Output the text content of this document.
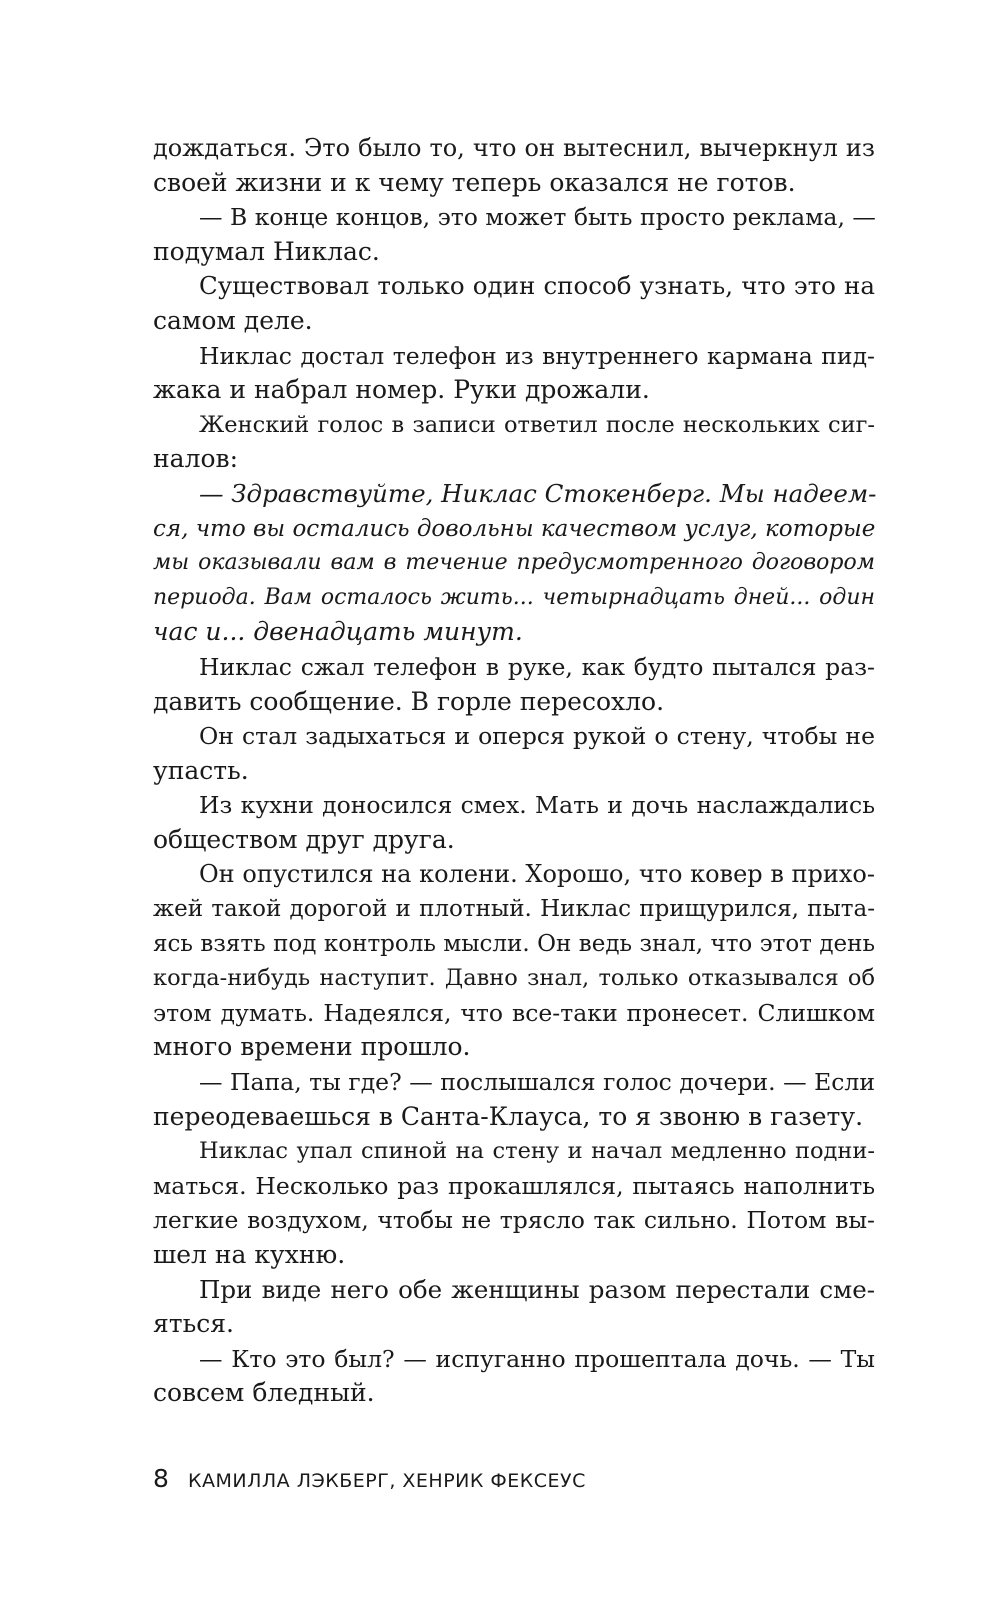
дождаться. Это было то, что он вытеснил, вычеркнул из
своей жизни и к чему теперь оказался не готов.
— В конце концов, это может быть просто реклама, —
подумал Никлас.
Существовал только один способ узнать, что это на
самом деле.
Никлас достал телефон из внутреннего кармана пид-
жака и набрал номер. Руки дрожали.
Женский голос в записи ответил после нескольких сиг-
налов:
— Здравствуйте, Никлас Стокенберг. Мы надеем-
ся, что вы остались довольны качеством услуг, которые
мы оказывали вам в течение предусмотренного договором
периода. Вам осталось жить... четырнадцать дней... один
час и... двенадцать минут.
Никлас сжал телефон в руке, как будто пытался раз-
давить сообщение. В горле пересохло.
Он стал задыхаться и оперся рукой о стену, чтобы не
упасть.
Из кухни доносился смех. Мать и дочь наслаждались
обществом друг друга.
Он опустился на колени. Хорошо, что ковер в прихо-
жей такой дорогой и плотный. Никлас прищурился, пыта-
ясь взять под контроль мысли. Он ведь знал, что этот день
когда-нибудь наступит. Давно знал, только отказывался об
этом думать. Надеялся, что все-таки пронесет. Слишком
много времени прошло.
— Папа, ты где? — послышался голос дочери. — Если
переодеваешься в Санта-Клауса, то я звоню в газету.
Никлас упал спиной на стену и начал медленно подни-
маться. Несколько раз прокашлялся, пытаясь наполнить
легкие воздухом, чтобы не трясло так сильно. Потом вы-
шел на кухню.
При виде него обе женщины разом перестали сме-
яться.
— Кто это был? — испуганно прошептала дочь. — Ты
совсем бледный.
8 КАМИЛЛА ЛЭКБЕРГ, ХЕНРИК ФЕКСЕУС
